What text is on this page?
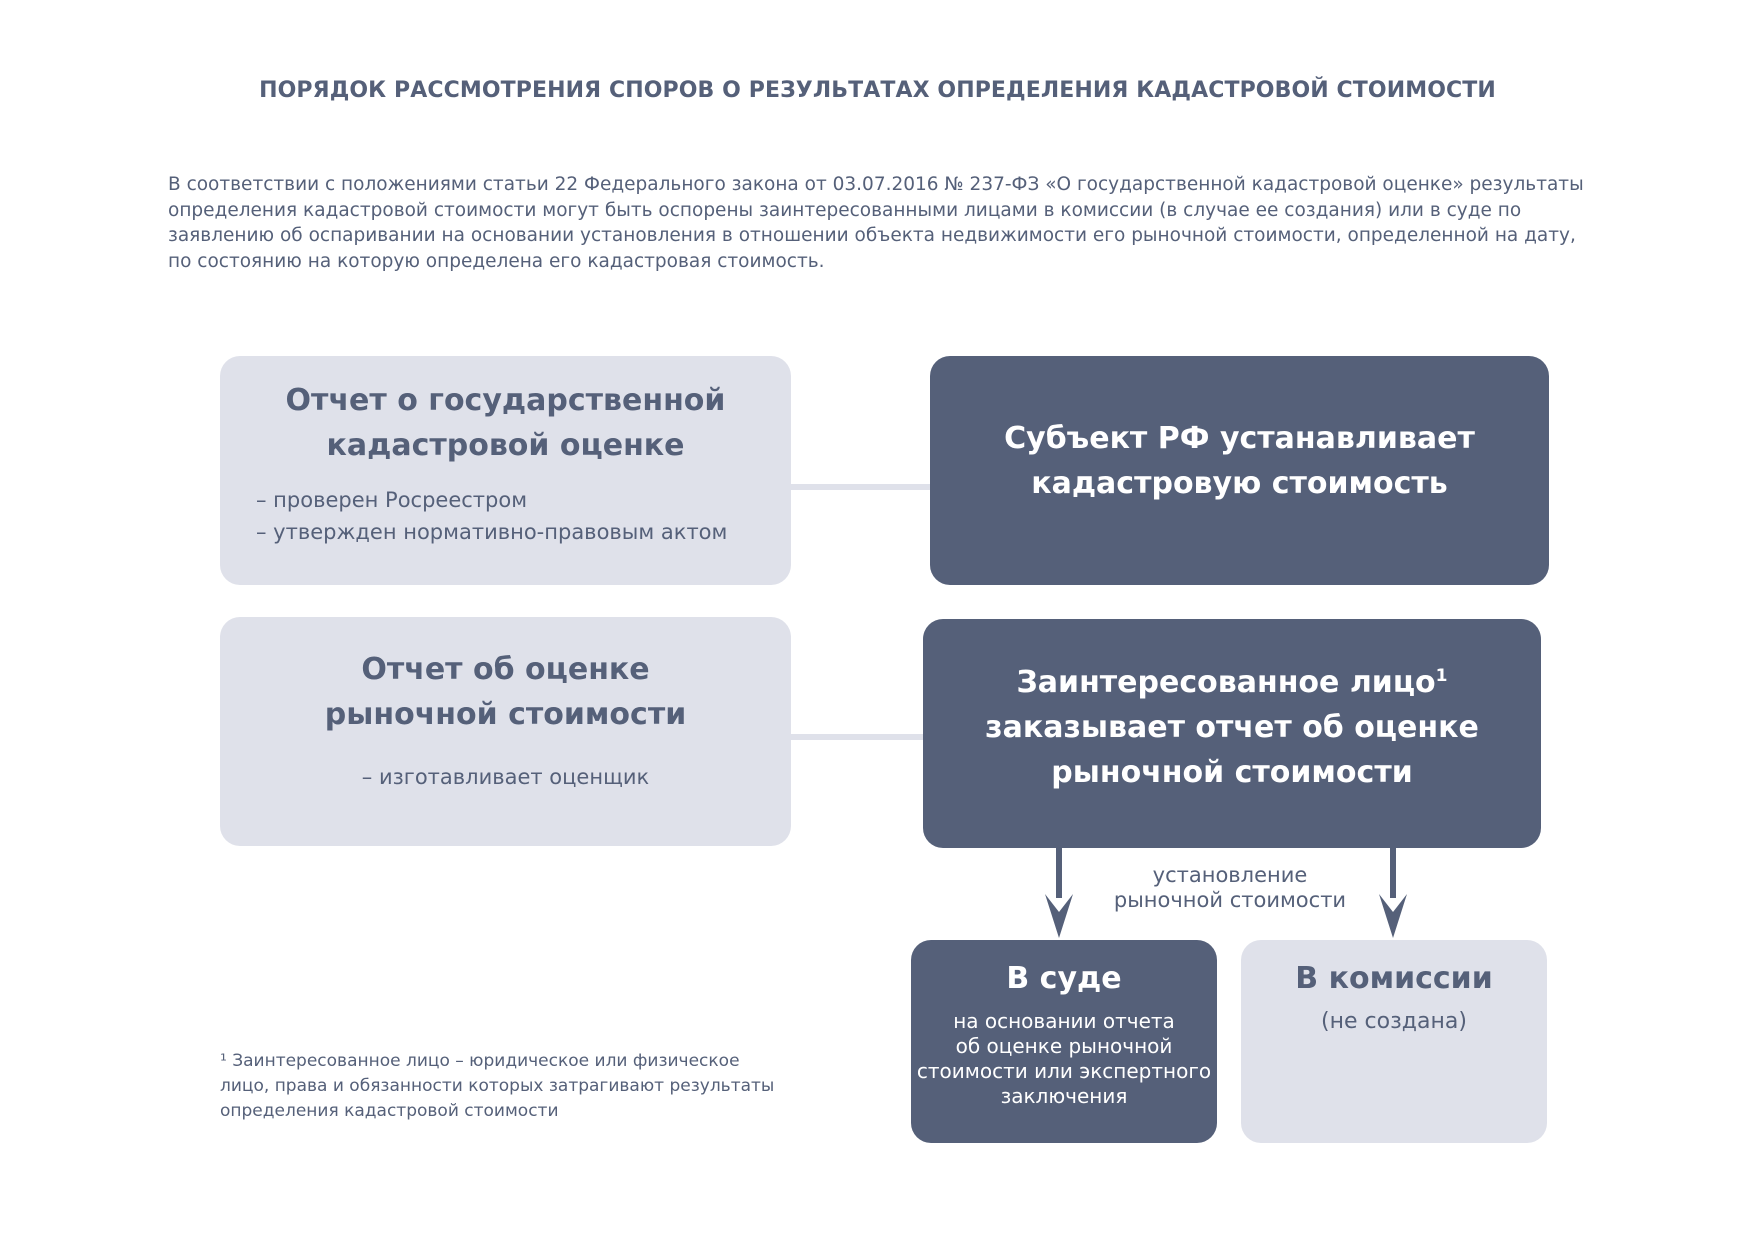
ПОРЯДОК РАССМОТРЕНИЯ СПОРОВ О РЕЗУЛЬТАТАХ ОПРЕДЕЛЕНИЯ КАДАСТРОВОЙ СТОИМОСТИ

В соответствии с положениями статьи 22 Федерального закона от 03.07.2016 № 237-ФЗ «О государственной кадастровой оценке» результаты определения кадастровой стоимости могут быть оспорены заинтересованными лицами в комиссии (в случае ее создания) или в суде по заявлению об оспаривании на основании установления в отношении объекта недвижимости его рыночной стоимости, определенной на дату, по состоянию на которую определена его кадастровая стоимость.

Отчет о государственной
кадастровой оценке
– проверен Росреестром
– утвержден нормативно-правовым актом
Субъект РФ устанавливает
кадастровую стоимость
Отчет об оценке
рыночной стоимости
– изготавливает оценщик
Заинтересованное лицо$^1$
заказывает отчет об оценке
рыночной стоимости
установление
рыночной стоимости
В суде
на основании отчета
об оценке рыночной
стоимости или экспертного
заключения
В комиссии
(не создана)
¹ Заинтересованное лицо – юридическое или физическое
лицо, права и обязанности которых затрагивают результаты
определения кадастровой стоимости
